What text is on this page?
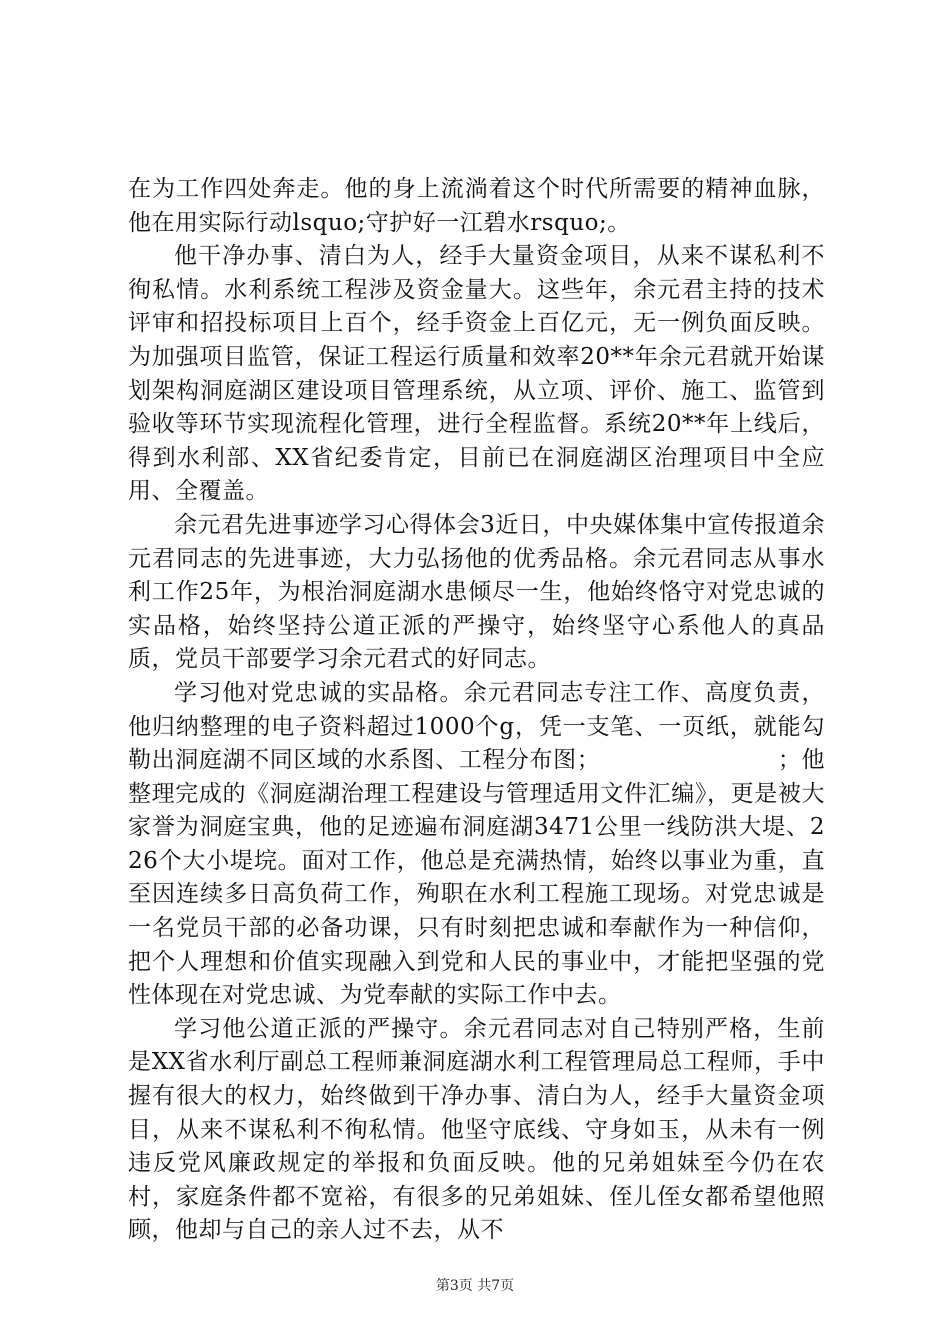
在为工作四处奔走。他的身上流淌着这个时代所需要的精神血脉，他在用实际行动lsquo;守护好一江碧水rsquo;。

他干净办事、清白为人，经手大量资金项目，从来不谋私利不徇私情。水利系统工程涉及资金量大。这些年，余元君主持的技术评审和招投标项目上百个，经手资金上百亿元，无一例负面反映。为加强项目监管，保证工程运行质量和效率20**年余元君就开始谋划架构洞庭湖区建设项目管理系统，从立项、评价、施工、监管到验收等环节实现流程化管理，进行全程监督。系统20**年上线后，得到水利部、XX省纪委肯定，目前已在洞庭湖区治理项目中全应用、全覆盖。

余元君先进事迹学习心得体会3近日，中央媒体集中宣传报道余元君同志的先进事迹，大力弘扬他的优秀品格。余元君同志从事水利工作25年，为根治洞庭湖水患倾尽一生，他始终恪守对党忠诚的实品格，始终坚持公道正派的严操守，始终坚守心系他人的真品质，党员干部要学习余元君式的好同志。

学习他对党忠诚的实品格。余元君同志专注工作、高度负责，他归纳整理的电子资料超过1000个g，凭一支笔、一页纸，就能勾勒出洞庭湖不同区域的水系图、工程分布图；　　　　　　　　；他整理完成的《洞庭湖治理工程建设与管理适用文件汇编》，更是被大家誉为洞庭宝典，他的足迹遍布洞庭湖3471公里一线防洪大堤、226个大小堤垸。面对工作，他总是充满热情，始终以事业为重，直至因连续多日高负荷工作，殉职在水利工程施工现场。对党忠诚是一名党员干部的必备功课，只有时刻把忠诚和奉献作为一种信仰，把个人理想和价值实现融入到党和人民的事业中，才能把坚强的党性体现在对党忠诚、为党奉献的实际工作中去。

学习他公道正派的严操守。余元君同志对自己特别严格，生前是XX省水利厅副总工程师兼洞庭湖水利工程管理局总工程师，手中握有很大的权力，始终做到干净办事、清白为人，经手大量资金项目，从来不谋私利不徇私情。他坚守底线、守身如玉，从未有一例违反党风廉政规定的举报和负面反映。他的兄弟姐妹至今仍在农村，家庭条件都不宽裕，有很多的兄弟姐妹、侄儿侄女都希望他照顾，他却与自己的亲人过不去，从不

第3页 共7页
